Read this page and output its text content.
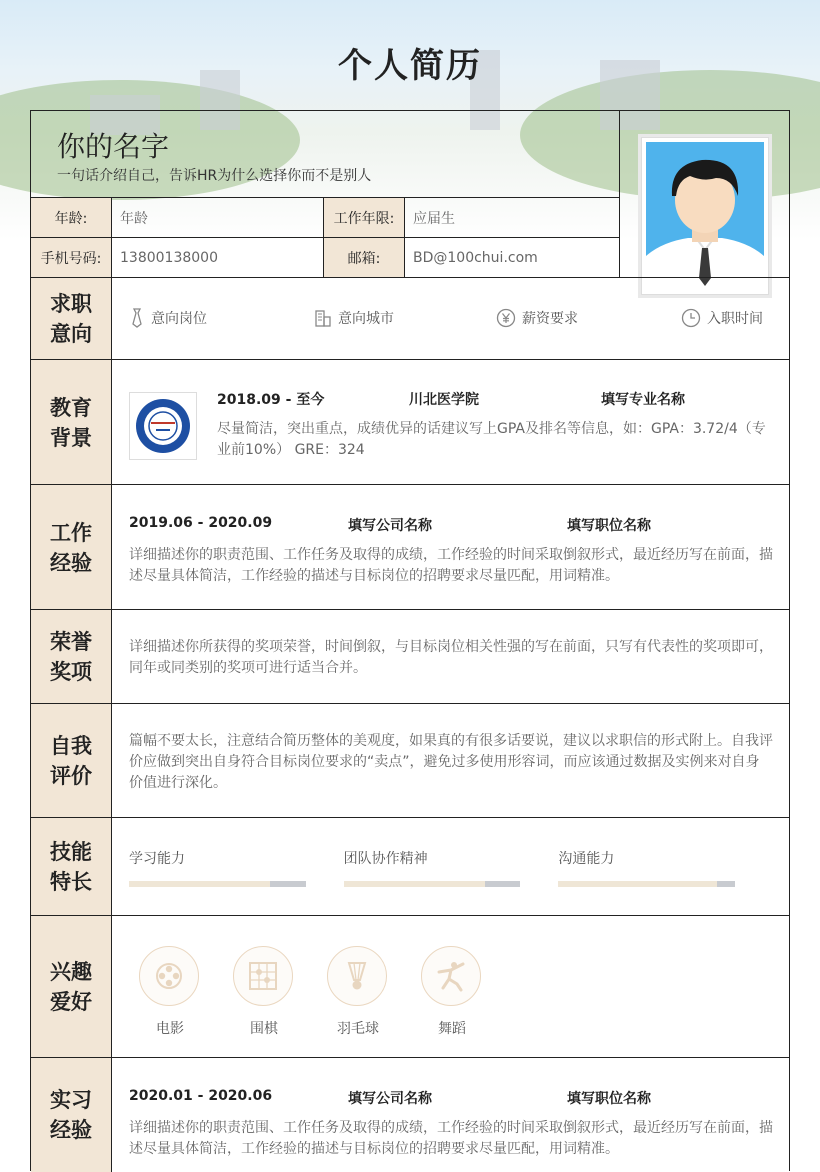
个人简历
你的名字
一句话介绍自己，告诉HR为什么选择你而不是别人
年龄:	年龄	工作年限:	应届生
手机号码:	13800138000	邮箱:	BD@100chui.com
求职意向
意向岗位	意向城市	薪资要求	入职时间
教育背景
2018.09 - 至今	川北医学院	填写专业名称
尽量简洁，突出重点，成绩优异的话建议写上GPA及排名等信息，如：GPA：3.72/4（专业前10%） GRE：324
工作经验
2019.06 - 2020.09	填写公司名称	填写职位名称
详细描述你的职责范围、工作任务及取得的成绩，工作经验的时间采取倒叙形式，最近经历写在前面，描述尽量具体简洁，工作经验的描述与目标岗位的招聘要求尽量匹配，用词精准。
荣誉奖项
详细描述你所获得的奖项荣誉，时间倒叙，与目标岗位相关性强的写在前面，只写有代表性的奖项即可，同年或同类别的奖项可进行适当合并。
自我评价
篇幅不要太长，注意结合简历整体的美观度，如果真的有很多话要说，建议以求职信的形式附上。自我评价应做到突出自身符合目标岗位要求的“卖点”，避免过多使用形容词，而应该通过数据及实例来对自身价值进行深化。
技能特长
学习能力	团队协作精神	沟通能力
兴趣爱好
电影	围棋	羽毛球	舞蹈
实习经验
2020.01 - 2020.06	填写公司名称	填写职位名称
详细描述你的职责范围、工作任务及取得的成绩，工作经验的时间采取倒叙形式，最近经历写在前面，描述尽量具体简洁，工作经验的描述与目标岗位的招聘要求尽量匹配，用词精准。
